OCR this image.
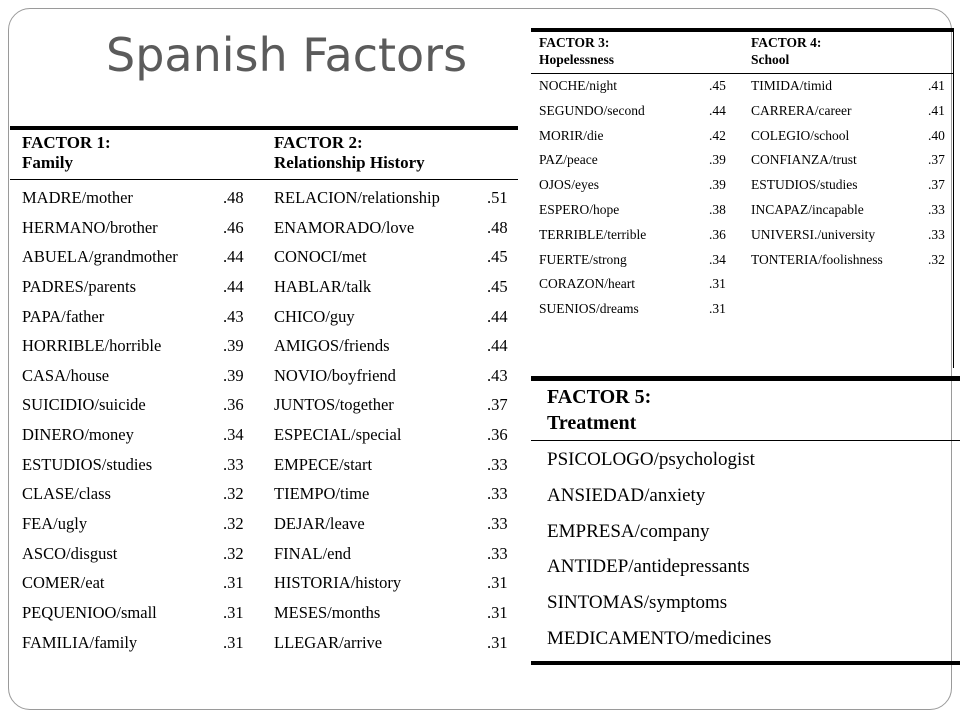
Spanish Factors
FACTOR 1:
Family
FACTOR 2:
Relationship History
MADRE/mother	.48 RELACION/relationship	.51
HERMANO/brother	.46 ENAMORADO/love	.48
ABUELA/grandmother	.44 CONOCI/met	.45
PADRES/parents	.44 HABLAR/talk	.45
PAPA/father	.43 CHICO/guy	.44
HORRIBLE/horrible	.39 AMIGOS/friends	.44
CASA/house	.39 NOVIO/boyfriend	.43
SUICIDIO/suicide	.36 JUNTOS/together	.37
DINERO/money	.34 ESPECIAL/special	.36
ESTUDIOS/studies	.33 EMPECE/start	.33
CLASE/class	.32 TIEMPO/time	.33
FEA/ugly	.32 DEJAR/leave	.33
ASCO/disgust	.32 FINAL/end	.33
COMER/eat	.31 HISTORIA/history	.31
PEQUENIOO/small	.31 MESES/months	.31
FAMILIA/family	.31 LLEGAR/arrive	.31
FACTOR 3:
Hopelessness
FACTOR 4:
School
NOCHE/night	.45 TIMIDA/timid	.41
SEGUNDO/second	.44 CARRERA/career	.41
MORIR/die	.42 COLEGIO/school	.40
PAZ/peace	.39 CONFIANZA/trust	.37
OJOS/eyes	.39 ESTUDIOS/studies	.37
ESPERO/hope	.38 INCAPAZ/incapable	.33
TERRIBLE/terrible	.36 UNIVERSI./university	.33
FUERTE/strong	.34 TONTERIA/foolishness	.32
CORAZON/heart	.31
SUENIOS/dreams	.31
FACTOR 5:
Treatment
PSICOLOGO/psychologist
ANSIEDAD/anxiety
EMPRESA/company
ANTIDEP/antidepressants
SINTOMAS/symptoms
MEDICAMENTO/medicines
